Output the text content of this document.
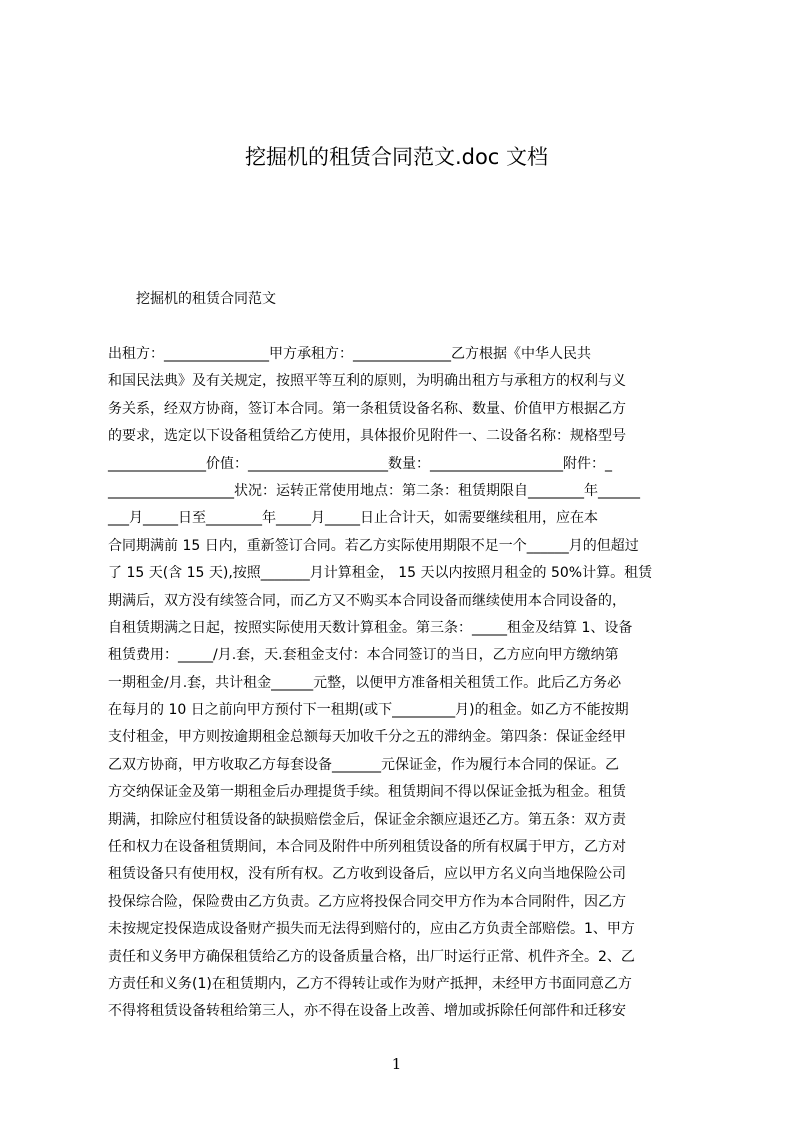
挖掘机的租赁合同范文.doc 文档

挖掘机的租赁合同范文

出租方：_______________甲方承租方：______________乙方根据《中华人民共
和国民法典》及有关规定，按照平等互利的原则，为明确出租方与承租方的权利与义
务关系，经双方协商，签订本合同。第一条租赁设备名称、数量、价值甲方根据乙方
的要求，选定以下设备租赁给乙方使用，具体报价见附件一、二设备名称：规格型号
______________价值：____________________数量：___________________附件：_
__________________状况：运转正常使用地点：第二条：租赁期限自________年______
___月_____日至________年_____月_____日止合计天，如需要继续租用，应在本
合同期满前 15 日内，重新签订合同。若乙方实际使用期限不足一个______月的但超过
了 15 天(含 15 天),按照_______月计算租金， 15 天以内按照月租金的 50%计算。租赁
期满后，双方没有续签合同，而乙方又不购买本合同设备而继续使用本合同设备的，
自租赁期满之日起，按照实际使用天数计算租金。第三条：_____租金及结算 1、设备
租赁费用：_____/月.套，天.套租金支付：本合同签订的当日，乙方应向甲方缴纳第
一期租金/月.套，共计租金______元整，以便甲方准备相关租赁工作。此后乙方务必
在每月的 10 日之前向甲方预付下一租期(或下_________月)的租金。如乙方不能按期
支付租金，甲方则按逾期租金总额每天加收千分之五的滞纳金。第四条：保证金经甲
乙双方协商，甲方收取乙方每套设备_______元保证金，作为履行本合同的保证。乙
方交纳保证金及第一期租金后办理提货手续。租赁期间不得以保证金抵为租金。租赁
期满，扣除应付租赁设备的缺损赔偿金后，保证金余额应退还乙方。第五条：双方责
任和权力在设备租赁期间，本合同及附件中所列租赁设备的所有权属于甲方，乙方对
租赁设备只有使用权，没有所有权。乙方收到设备后，应以甲方名义向当地保险公司
投保综合险，保险费由乙方负责。乙方应将投保合同交甲方作为本合同附件，因乙方
未按规定投保造成设备财产损失而无法得到赔付的，应由乙方负责全部赔偿。1、甲方
责任和义务甲方确保租赁给乙方的设备质量合格，出厂时运行正常、机件齐全。2、乙
方责任和义务(1)在租赁期内，乙方不得转让或作为财产抵押，未经甲方书面同意乙方
不得将租赁设备转租给第三人，亦不得在设备上改善、增加或拆除任何部件和迁移安
1
